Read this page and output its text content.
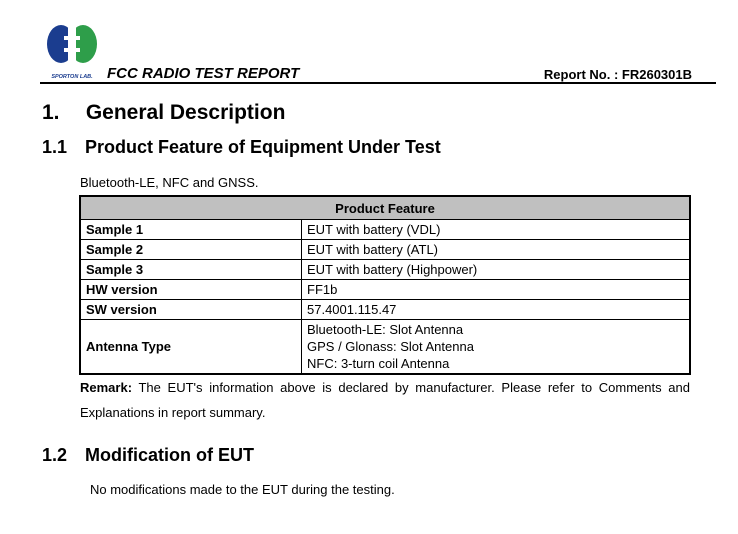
SPORTON LAB. FCC RADIO TEST REPORT	Report No. : FR260301B
1. General Description
1.1 Product Feature of Equipment Under Test
Bluetooth-LE, NFC and GNSS.
Product Feature	
Sample 1	EUT with battery (VDL)
Sample 2	EUT with battery (ATL)
Sample 3	EUT with battery (Highpower)
HW version	FF1b
SW version	57.4001.115.47
Antenna Type	Bluetooth-LE: Slot Antenna
GPS / Glonass: Slot Antenna
NFC: 3-turn coil Antenna
Remark: The EUT's information above is declared by manufacturer. Please refer to Comments and Explanations in report summary.
1.2 Modification of EUT
No modifications made to the EUT during the testing.
